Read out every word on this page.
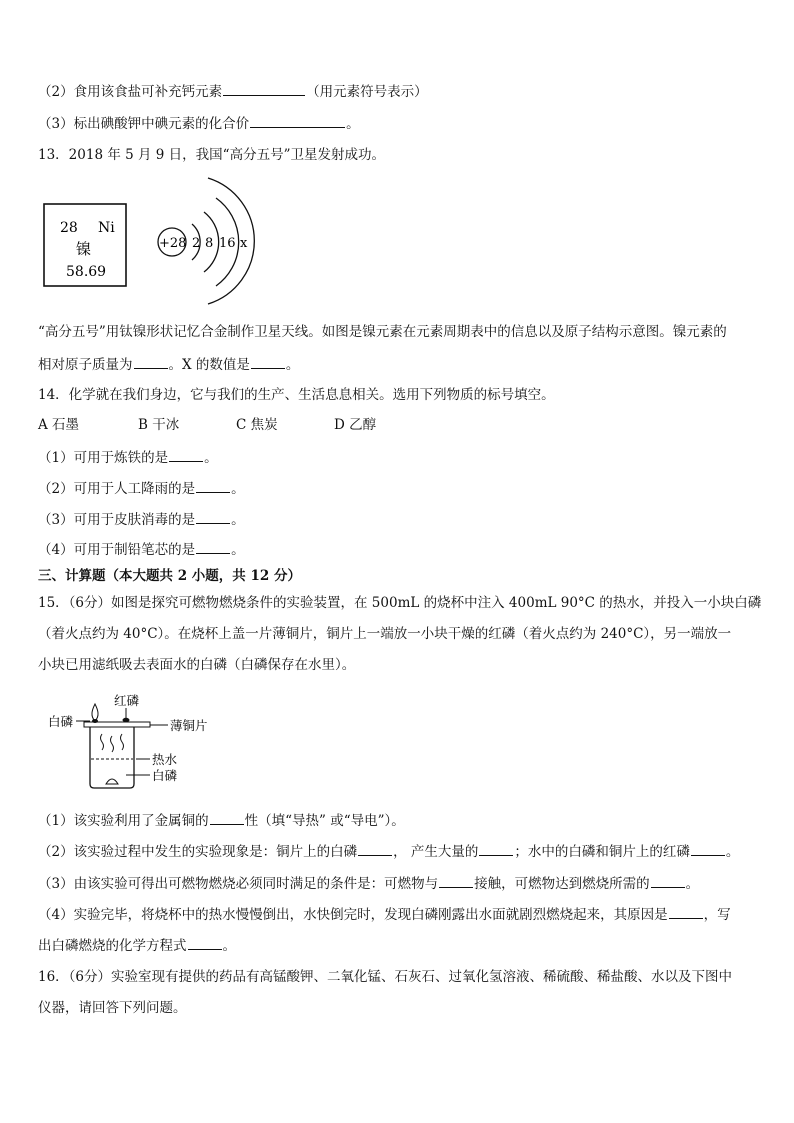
（2）食用该食盐可补充钙元素	（用元素符号表示）
（3）标出碘酸钾中碘元素的化合价	。
13．2018 年 5 月 9 日，我国“高分五号”卫星发射成功。
28 Ni
镍
58.69
+28 2 8 16 x
“高分五号”用钛镍形状记忆合金制作卫星天线。如图是镍元素在元素周期表中的信息以及原子结构示意图。镍元素的
相对原子质量为	。X 的数值是	。
14．化学就在我们身边，它与我们的生产、生活息息相关。选用下列物质的标号填空。
A 石墨	B 干冰	C 焦炭	D 乙醇
（1）可用于炼铁的是	。
（2）可用于人工降雨的是	。
（3）可用于皮肤消毒的是	。
（4）可用于制铅笔芯的是	。
三、计算题（本大题共 2 小题，共 12 分）
15．（6分）如图是探究可燃物燃烧条件的实验装置，在 500mL 的烧杯中注入 400mL 90°C 的热水，并投入一小块白磷
（着火点约为 40°C）。在烧杯上盖一片薄铜片，铜片上一端放一小块干燥的红磷（着火点约为 240°C），另一端放一
小块已用滤纸吸去表面水的白磷（白磷保存在水里）。
红磷
白磷	薄铜片
热水
白磷
（1）该实验利用了金属铜的	性（填“导热” 或“导电”）。
（2）该实验过程中发生的实验现象是：铜片上的白磷	， 产生大量的	；水中的白磷和铜片上的红磷	。
（3）由该实验可得出可燃物燃烧必须同时满足的条件是：可燃物与	接触，可燃物达到燃烧所需的	。
（4）实验完毕，将烧杯中的热水慢慢倒出，水快倒完时，发现白磷刚露出水面就剧烈燃烧起来，其原因是	，写
出白磷燃烧的化学方程式	。
16．（6分）实验室现有提供的药品有高锰酸钾、二氧化锰、石灰石、过氧化氢溶液、稀硫酸、稀盐酸、水以及下图中
仪器，请回答下列问题。
